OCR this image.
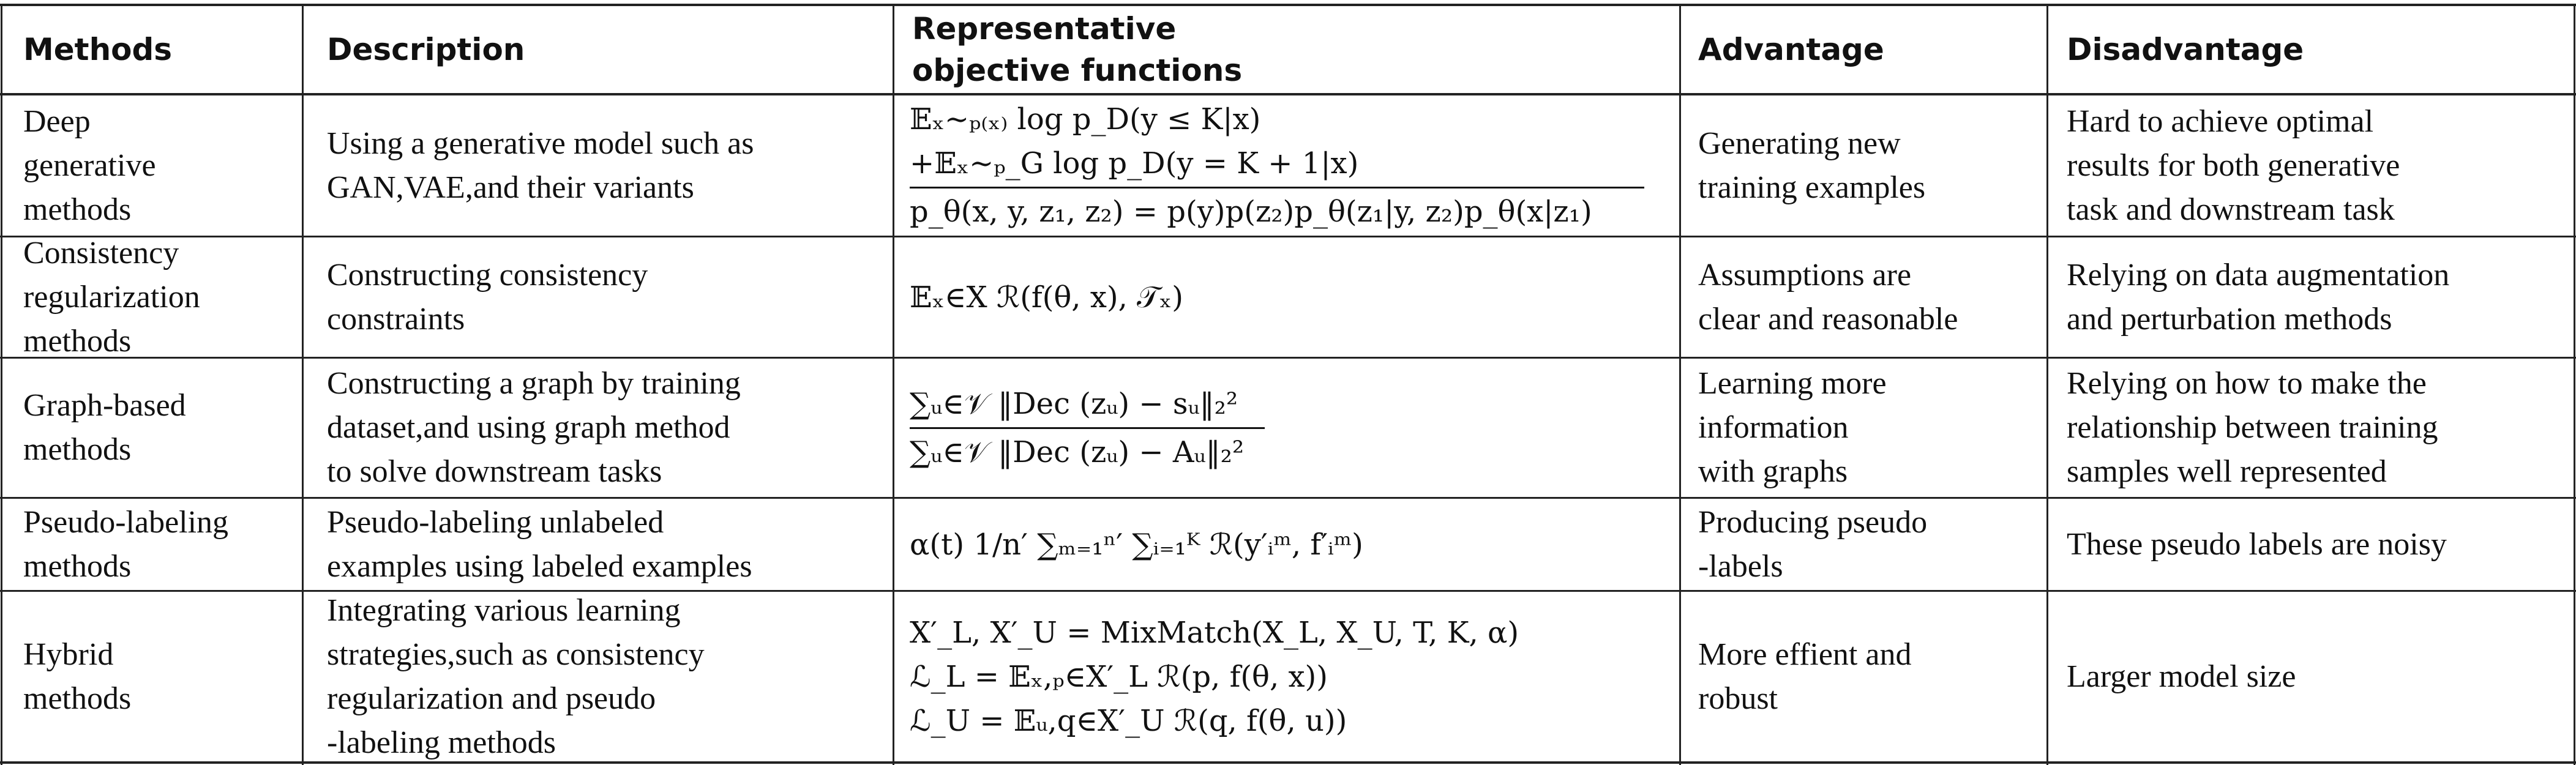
Methods	Description
Representative
objective functions
Advantage	Disadvantage
Deep
generative
methods
Using a generative model such as
GAN,VAE,and their variants
𝔼ₓ∼ₚ₍ₓ₎ log p_D(y ≤ K|x)
+𝔼ₓ∼ₚ_G log p_D(y = K + 1|x)
p_θ(x, y, z₁, z₂) = p(y)p(z₂)p_θ(z₁|y, z₂)p_θ(x|z₁)
Generating new
training examples
Hard to achieve optimal
results for both generative
task and downstream task
Consistency
regularization
methods
Constructing consistency
constraints
𝔼ₓ∈X ℛ(f(θ, x), 𝒯ₓ)
Assumptions are
clear and reasonable
Relying on data augmentation
and perturbation methods
Graph-based
methods
Constructing a graph by training
dataset,and using graph method
to solve downstream tasks
∑ᵤ∈𝒱 ‖Dec (zᵤ) − sᵤ‖₂²
∑ᵤ∈𝒱 ‖Dec (zᵤ) − Aᵤ‖₂²
Learning more
information
with graphs
Relying on how to make the
relationship between training
samples well represented
Pseudo-labeling
methods
Pseudo-labeling unlabeled
examples using labeled examples
α(t) 1/n′ ∑ₘ₌₁ⁿ′ ∑ᵢ₌₁ᴷ ℛ(y′ᵢᵐ, f′ᵢᵐ)
Producing pseudo
-labels
These pseudo labels are noisy
Hybrid
methods
Integrating various learning
strategies,such as consistency
regularization and pseudo
-labeling methods
X′_L, X′_U = MixMatch(X_L, X_U, T, K, α)
ℒ_L = 𝔼ₓ,ₚ∈X′_L ℛ(p, f(θ, x))
ℒ_U = 𝔼ᵤ,q∈X′_U ℛ(q, f(θ, u))
More effient and
robust
Larger model size
